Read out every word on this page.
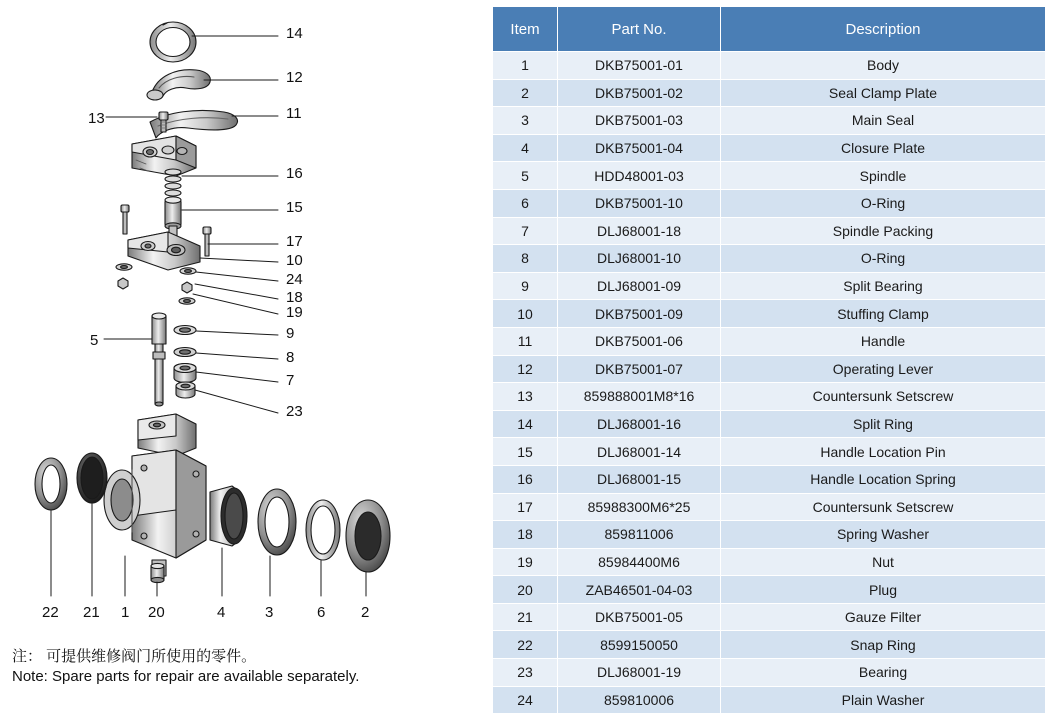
14
12
11
16
15
17
10
24
18
19
9
8
7
23
13
5
22 21 1 20	4	3	6 2
注： 可提供维修阀门所使用的零件。
Note: Spare parts for repair are available separately.
Item	Part No.	Description
1	DKB75001-01	Body
2	DKB75001-02	Seal Clamp Plate
3	DKB75001-03	Main Seal
4	DKB75001-04	Closure Plate
5	HDD48001-03	Spindle
6	DKB75001-10	O-Ring
7	DLJ68001-18	Spindle Packing
8	DLJ68001-10	O-Ring
9	DLJ68001-09	Split Bearing
10	DKB75001-09	Stuffing Clamp
11	DKB75001-06	Handle
12	DKB75001-07	Operating Lever
13	859888001M8*16	Countersunk Setscrew
14	DLJ68001-16	Split Ring
15	DLJ68001-14	Handle Location Pin
16	DLJ68001-15	Handle Location Spring
17	85988300M6*25	Countersunk Setscrew
18	859811006	Spring Washer
19	85984400M6	Nut
20	ZAB46501-04-03	Plug
21	DKB75001-05	Gauze Filter
22	8599150050	Snap Ring
23	DLJ68001-19	Bearing
24	859810006	Plain Washer
